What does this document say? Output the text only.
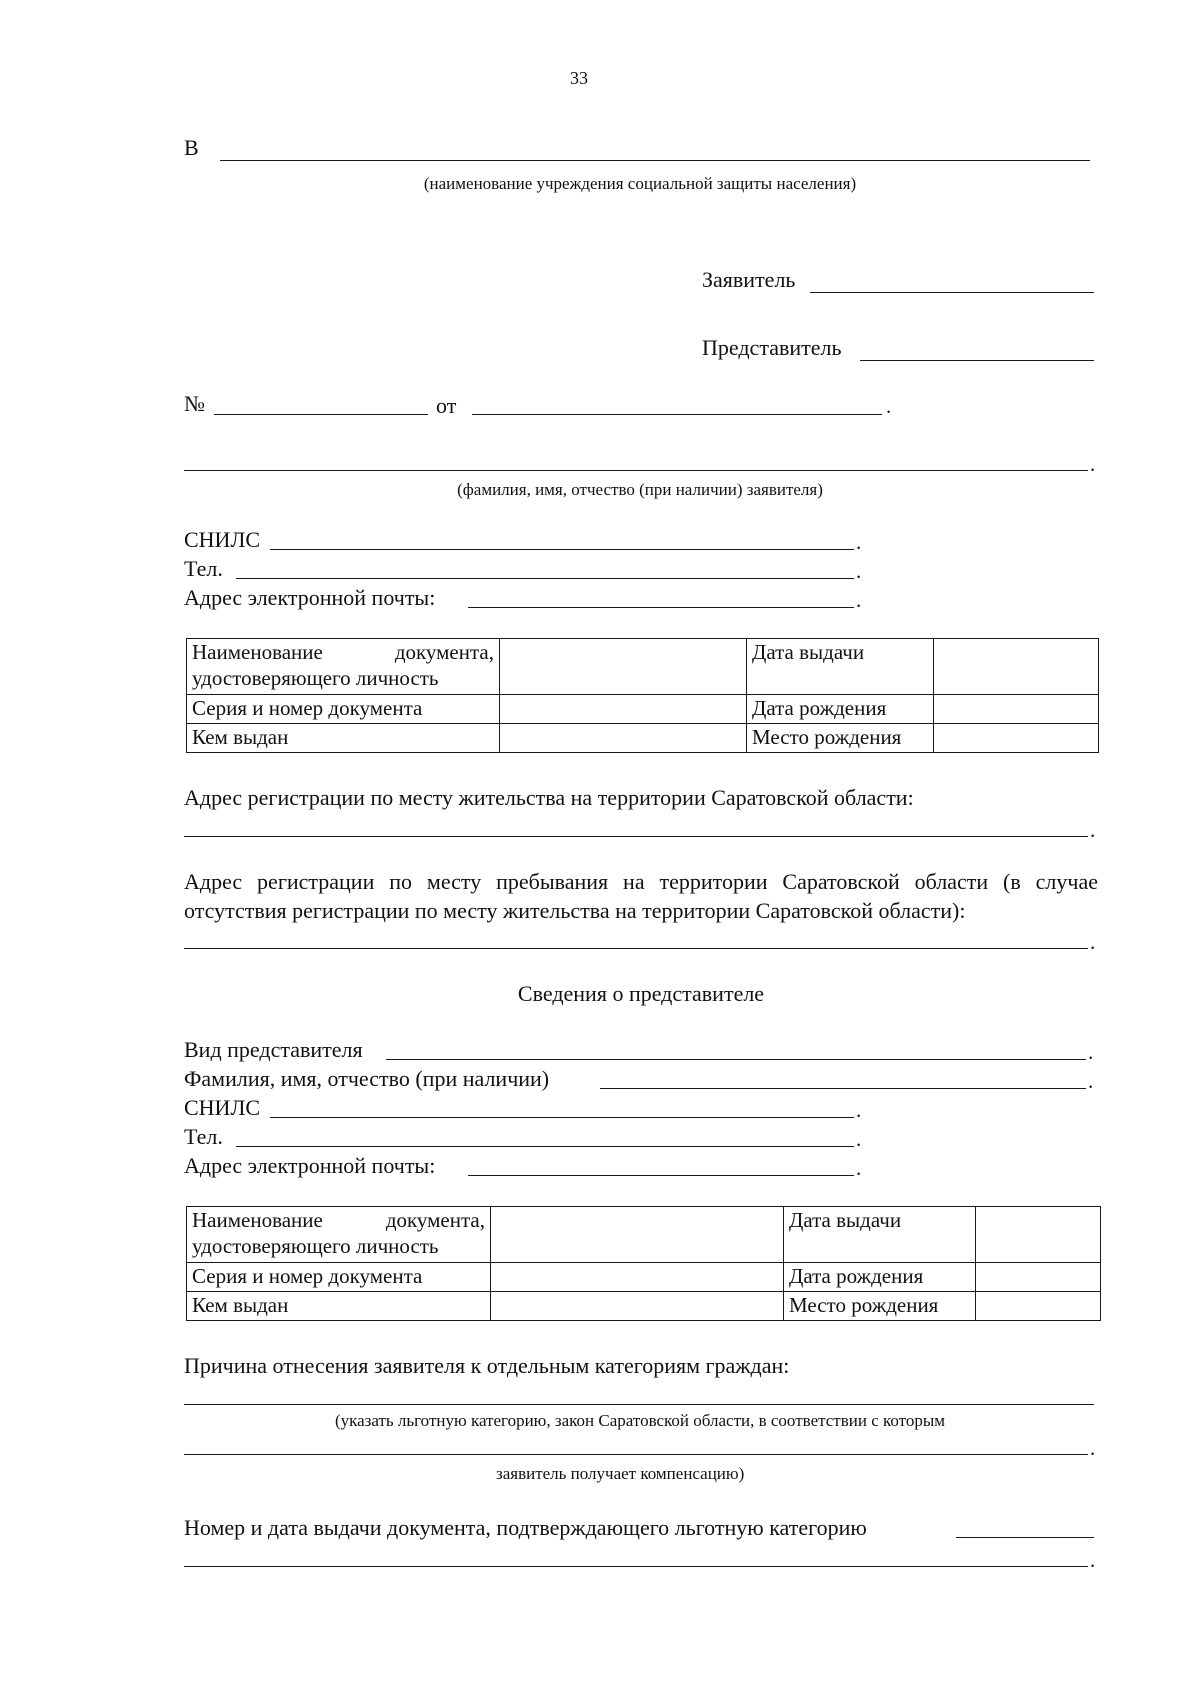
33
В
(наименование учреждения социальной защиты населения)
Заявитель
Представитель
№	от	.
.
(фамилия, имя, отчество (при наличии) заявителя)
СНИЛС	.
Тел.	.
Адрес электронной почты:	.
Наименование документа,
удостоверяющего личность		Дата выдачи	
Серия и номер документа		Дата рождения	
Кем выдан		Место рождения	
Адрес регистрации по месту жительства на территории Саратовской области:
.
Адрес регистрации по месту пребывания на территории Саратовской области (в случае
отсутствия регистрации по месту жительства на территории Саратовской области):
.
Сведения о представителе
Вид представителя	.
Фамилия, имя, отчество (при наличии)	.
СНИЛС	.
Тел.	.
Адрес электронной почты:	.
Наименование документа,
удостоверяющего личность		Дата выдачи	
Серия и номер документа		Дата рождения	
Кем выдан		Место рождения	
Причина отнесения заявителя к отдельным категориям граждан:
(указать льготную категорию, закон Саратовской области, в соответствии с которым
.
заявитель получает компенсацию)
Номер и дата выдачи документа, подтверждающего льготную категорию
.
